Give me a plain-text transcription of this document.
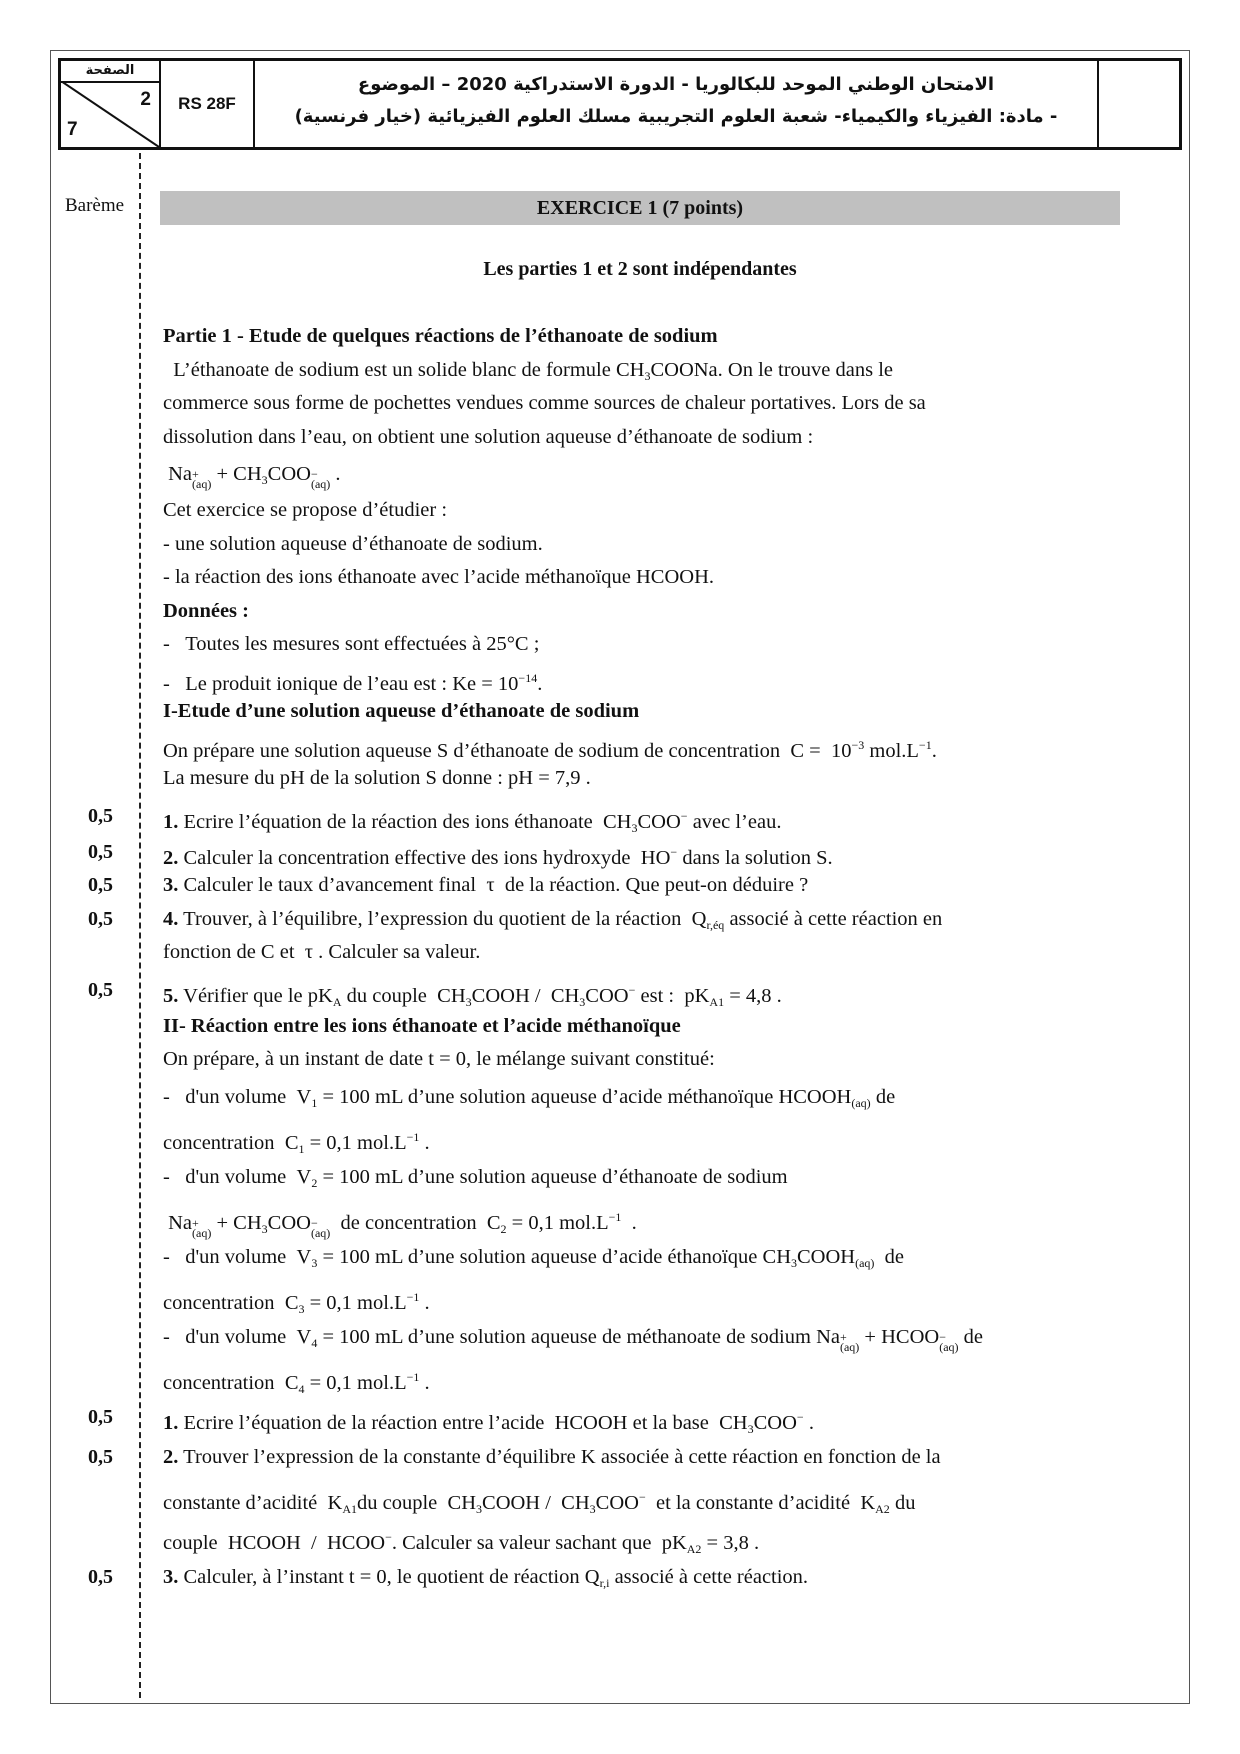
الصفحة
2
7
RS 28F
الامتحان الوطني الموحد للبكالوريا - الدورة الاستدراكية 2020 – الموضوع
- مادة: الفيزياء والكيمياء- شعبة العلوم التجريبية مسلك العلوم الفيزيائية (خيار فرنسية)
Barème	EXERCICE 1 (7 points)
Les parties 1 et 2 sont indépendantes
Partie 1 - Etude de quelques réactions de l’éthanoate de sodium
L’éthanoate de sodium est un solide blanc de formule $CH_3COONa$. On le trouve dans le
commerce sous forme de pochettes vendues comme sources de chaleur portatives. Lors de sa
dissolution dans l’eau, on obtient une solution aqueuse d’éthanoate de sodium :
Na +
$(aq) + CH_3COO$ −
(aq) .
Cet exercice se propose d’étudier :
- une solution aqueuse d’éthanoate de sodium.
- la réaction des ions éthanoate avec l’acide méthanoïque HCOOH.
Données :
-   Toutes les mesures sont effectuées à 25°C ;
-   Le produit ionique de l’eau est : $Ke = 10^{-14}$.
I-Etude d’une solution aqueuse d’éthanoate de sodium
On prépare une solution aqueuse S d’éthanoate de sodium de concentration  $C = 10^{-3}$ $mol.L^{-1}$.
La mesure du pH de la solution S donne : pH = 7,9 .
0,5 1. Ecrire l’équation de la réaction des ions éthanoate  $CH_3COO^-$ avec l’eau.
0,5 2. Calculer la concentration effective des ions hydroxyde  HO− dans la solution S.
0,5 3. Calculer le taux d’avancement final  τ  de la réaction. Que peut-on déduire ?
0,5 4. Trouver, à l’équilibre, l’expression du quotient de la réaction  $Q_{r,éq}$ associé à cette réaction en
fonction de C et  τ . Calculer sa valeur.
0,5 5. Vérifier que le $pK_A$ du couple  $CH_3COOH / CH_3COO^-$ est :  $pK_{A1} = 4,8$ .
II- Réaction entre les ions éthanoate et l’acide méthanoïque
On prépare, à un instant de date t = 0, le mélange suivant constitué:
-   d'un volume  $V_1 = 100$ mL d’une solution aqueuse d’acide méthanoïque $HCOOH_{(aq)}$ de
concentration  $C_1 = 0,1$ $mol.L^{-1}$ .
-   d'un volume  $V_2 = 100$ mL d’une solution aqueuse d’éthanoate de sodium
Na +
$(aq) + CH_3COO$ −
(aq) de concentration  $C_2 = 0,1$ $mol.L^{-1}$  .
-   d'un volume  $V_3 = 100$ mL d’une solution aqueuse d’acide éthanoïque $CH_3COOH_{(aq)}$ de
concentration  $C_3 = 0,1$ $mol.L^{-1}$ .
-   d'un volume  $V_4 = 100$ mL d’une solution aqueuse de méthanoate de sodium Na +
(aq) + HCOO −
(aq) de
concentration  $C_4 = 0,1$ $mol.L^{-1}$ .
0,5 1. Ecrire l’équation de la réaction entre l’acide  HCOOH et la base  $CH_3COO^-$ .
0,5 2. Trouver l’expression de la constante d’équilibre K associée à cette réaction en fonction de la
constante d’acidité  $K_{A1}du$ couple  $CH_3COOH / CH_3COO^-$ et la constante d’acidité  $K_{A2}$ du
couple  HCOOH  /  HCOO−. Calculer sa valeur sachant que  $pK_{A2} = 3,8$ .
0,5 3. Calculer, à l’instant t = 0, le quotient de réaction $Q_{r,i}$ associé à cette réaction.
